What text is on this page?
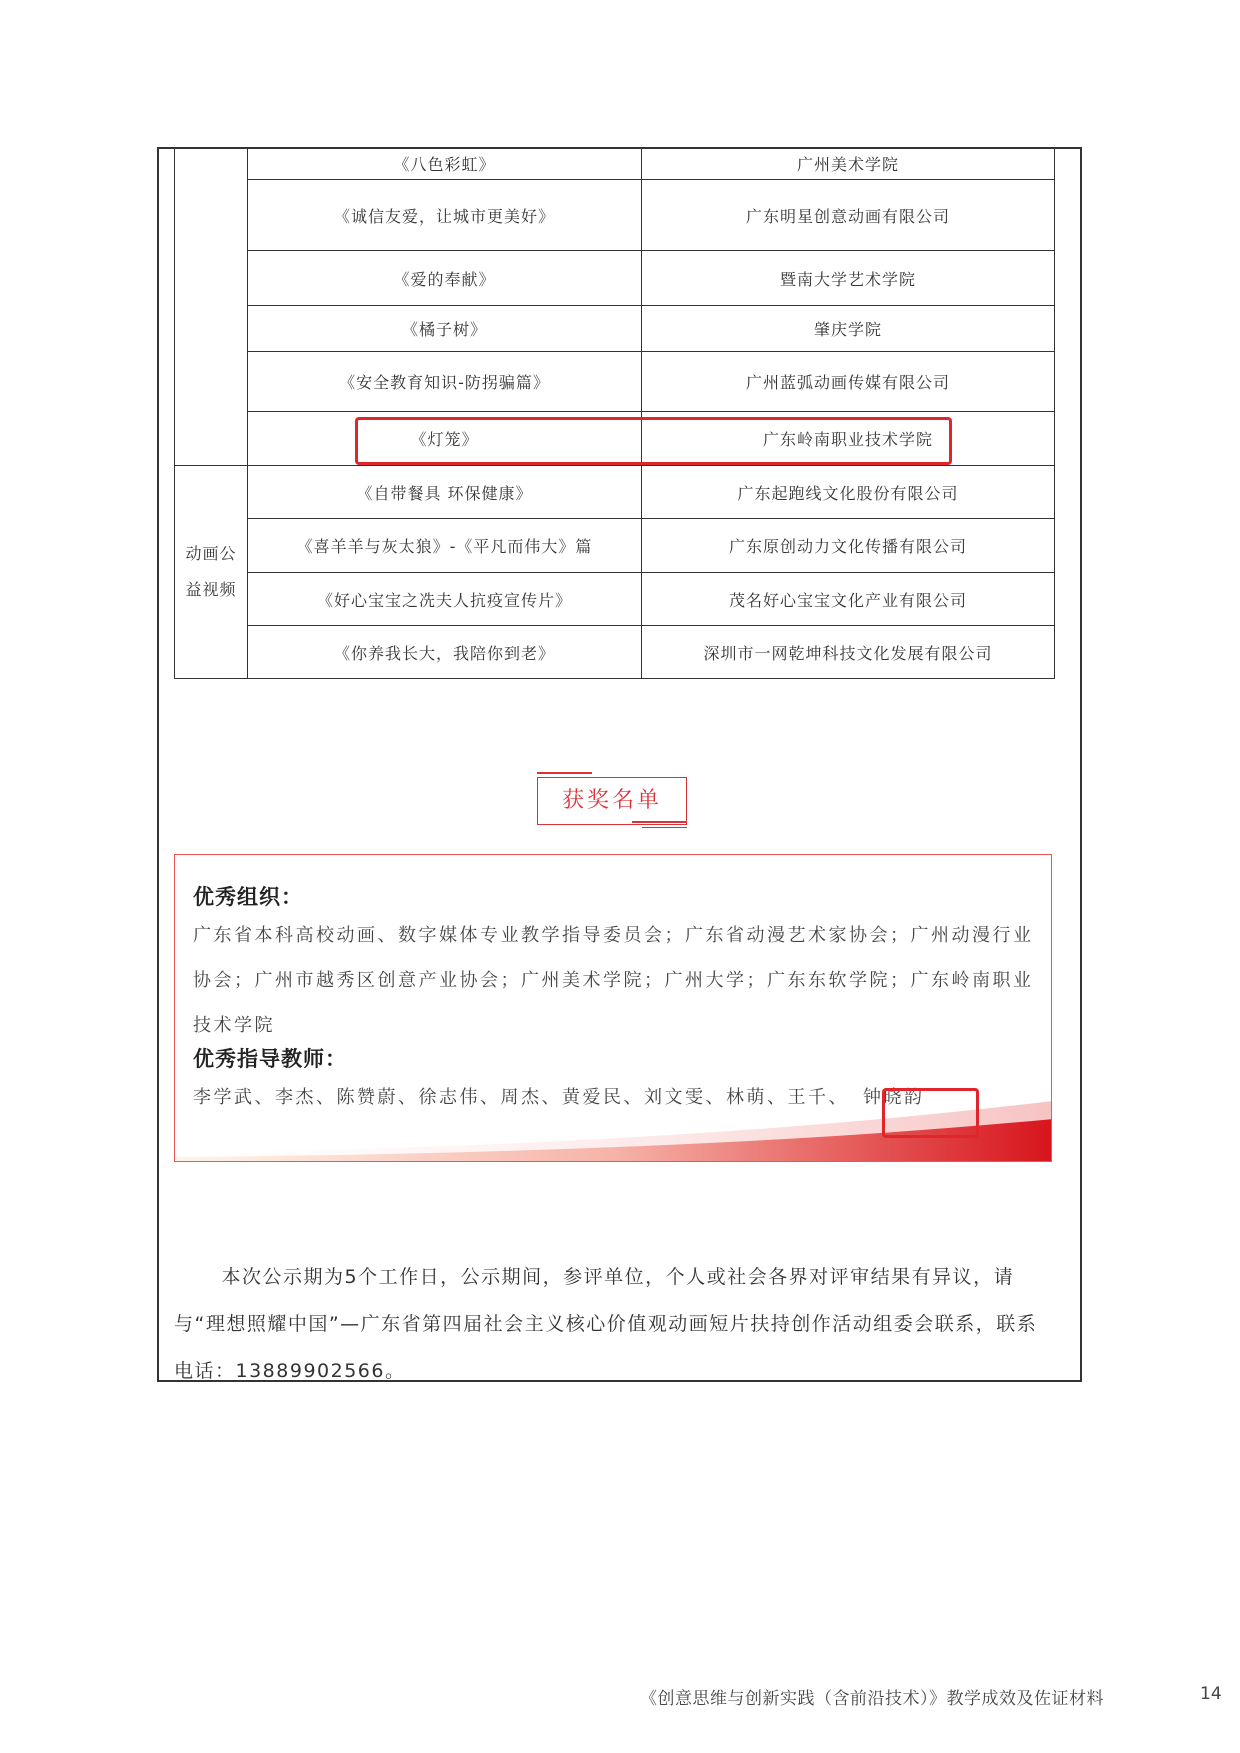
	《八色彩虹》	广州美术学院
	《诚信友爱，让城市更美好》	广东明星创意动画有限公司
	《爱的奉献》	暨南大学艺术学院
	《橘子树》	肇庆学院
	《安全教育知识-防拐骗篇》	广州蓝弧动画传媒有限公司
	《灯笼》	广东岭南职业技术学院
动画公益视频	《自带餐具 环保健康》	广东起跑线文化股份有限公司
	《喜羊羊与灰太狼》-《平凡而伟大》篇	广东原创动力文化传播有限公司
	《好心宝宝之冼夫人抗疫宣传片》	茂名好心宝宝文化产业有限公司
	《你养我长大，我陪你到老》	深圳市一网乾坤科技文化发展有限公司
获奖名单
优秀组织：
广东省本科高校动画、数字媒体专业教学指导委员会；广东省动漫艺术家协会；广州动漫行业协会；广州市越秀区创意产业协会；广州美术学院；广州大学；广东东软学院；广东岭南职业技术学院
优秀指导教师：
李学武、李杰、陈赞蔚、徐志伟、周杰、黄爱民、刘文雯、林萌、王千、 钟晓韵
本次公示期为5个工作日，公示期间，参评单位，个人或社会各界对评审结果有异议，请与“理想照耀中国”—广东省第四届社会主义核心价值观动画短片扶持创作活动组委会联系，联系电话：13889902566。
《创意思维与创新实践（含前沿技术）》教学成效及佐证材料	14
